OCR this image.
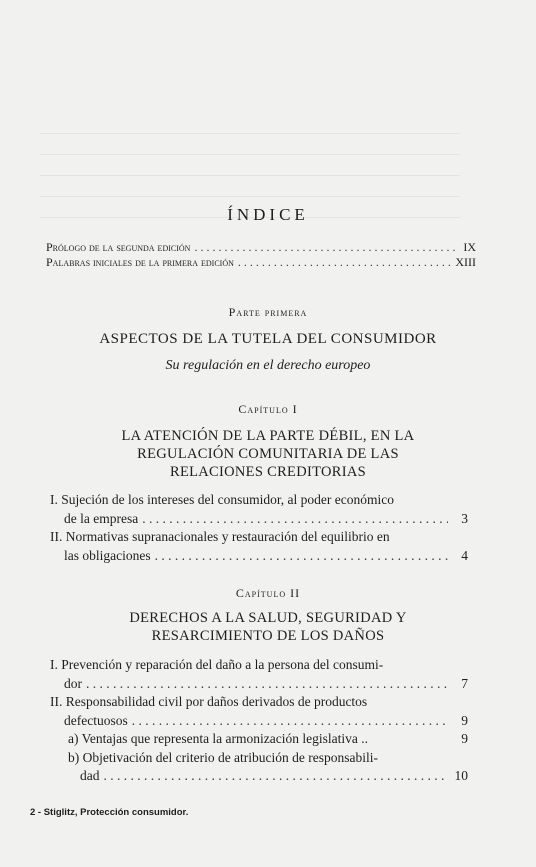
ÍNDICE
Prólogo de la segunda edición . . .	IX
Palabras iniciales de la primera edición . . .	XIII
Parte primera
ASPECTOS DE LA TUTELA DEL CONSUMIDOR
Su regulación en el derecho europeo
Capítulo I
LA ATENCIÓN DE LA PARTE DÉBIL, EN LA
REGULACIÓN COMUNITARIA DE LAS
RELACIONES CREDITORIAS
I. Sujeción de los intereses del consumidor, al poder económico
de la empresa . . .	3
II. Normativas supranacionales y restauración del equilibrio en
las obligaciones . . .	4
Capítulo II
DERECHOS A LA SALUD, SEGURIDAD Y
RESARCIMIENTO DE LOS DAÑOS
I. Prevención y reparación del daño a la persona del consumi-
dor . . .	7
II. Responsabilidad civil por daños derivados de productos
defectuosos . . .	9
a) Ventajas que representa la armonización legislativa ..	9
b) Objetivación del criterio de atribución de responsabili-
dad . . .	10
2 - Stiglitz, Protección consumidor.
